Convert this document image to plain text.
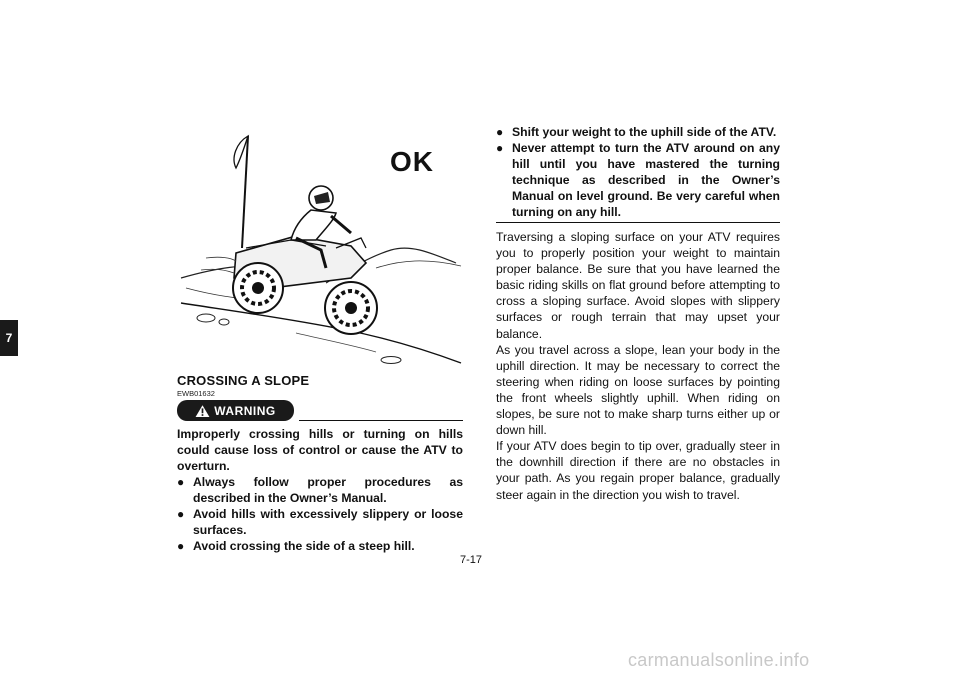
7
OK
CROSSING A SLOPE
EWB01632
WARNING
Improperly crossing hills or turning on hills could cause loss of control or cause the ATV to overturn.
● Always follow proper procedures as described in the Owner’s Manual.
● Avoid hills with excessively slippery or loose surfaces.
● Avoid crossing the side of a steep hill.
● Shift your weight to the uphill side of the ATV.
● Never attempt to turn the ATV around on any hill until you have mastered the turning technique as described in the Owner’s Manual on level ground. Be very careful when turning on any hill.

Traversing a sloping surface on your ATV requires you to properly position your weight to maintain proper balance. Be sure that you have learned the basic riding skills on flat ground before attempting to cross a sloping surface. Avoid slopes with slippery surfaces or rough terrain that may upset your balance.

As you travel across a slope, lean your body in the uphill direction. It may be necessary to correct the steering when riding on loose surfaces by pointing the front wheels slightly uphill. When riding on slopes, be sure not to make sharp turns either up or down hill.

If your ATV does begin to tip over, gradually steer in the downhill direction if there are no obstacles in your path. As you regain proper balance, gradually steer again in the direction you wish to travel.

7-17
carmanualsonline.info
